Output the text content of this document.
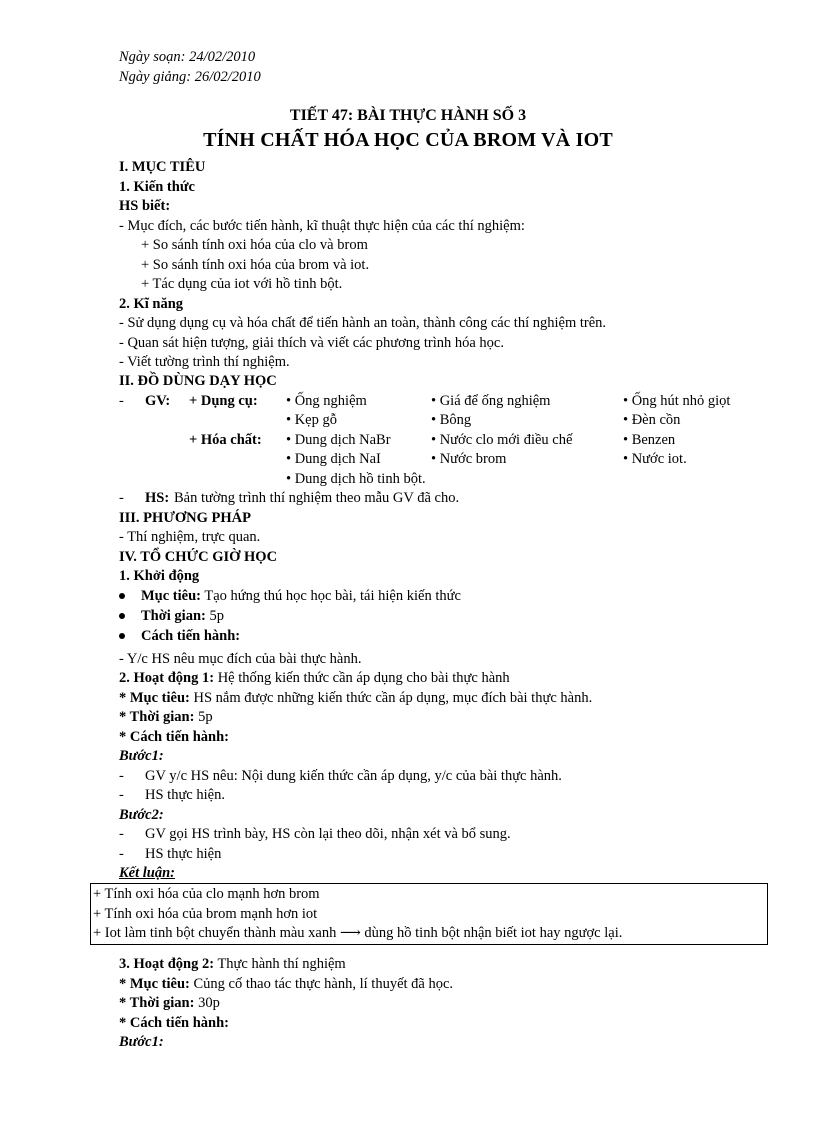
Ngày soạn: 24/02/2010
Ngày giảng: 26/02/2010
TIẾT 47: BÀI THỰC HÀNH SỐ 3
TÍNH CHẤT HÓA HỌC CỦA BROM VÀ IOT
I. MỤC TIÊU
1. Kiến thức
HS biết:
- Mục đích, các bước tiến hành, kĩ thuật thực hiện của các thí nghiệm:
+ So sánh tính oxi hóa của clo và brom
+ So sánh tính oxi hóa của brom và iot.
+ Tác dụng của iot với hồ tinh bột.
2. Kĩ năng
- Sử dụng dụng cụ và hóa chất để tiến hành an toàn, thành công các thí nghiệm trên.
- Quan sát hiện tượng, giải thích và viết các phương trình hóa học.
- Viết tường trình thí nghiệm.
II. ĐỒ DÙNG DẠY HỌC
- GV: + Dụng cụ: • Ống nghiệm	• Giá để ống nghiệm	• Ống hút nhỏ giọt
• Kẹp gỗ	• Bông	• Đèn cồn
+ Hóa chất: • Dung dịch NaBr	• Nước clo mới điều chế	• Benzen
• Dung dịch NaI	• Nước brom	• Nước iot.
• Dung dịch hồ tinh bột.
- HS: Bản tường trình thí nghiệm theo mẫu GV đã cho.
III. PHƯƠNG PHÁP
- Thí nghiệm, trực quan.
IV. TỔ CHỨC GIỜ HỌC
1. Khởi động
Mục tiêu: Tạo hứng thú học học bài, tái hiện kiến thức
Thời gian: 5p
Cách tiến hành:
- Y/c HS nêu mục đích của bài thực hành.
2. Hoạt động 1: Hệ thống kiến thức cần áp dụng cho bài thực hành
* Mục tiêu: HS nắm được những kiến thức cần áp dụng, mục đích bài thực hành.
* Thời gian: 5p
* Cách tiến hành:
Bước1:
- GV y/c HS nêu: Nội dung kiến thức cần áp dụng, y/c của bài thực hành.
- HS thực hiện.
Bước2:
- GV gọi HS trình bày, HS còn lại theo dõi, nhận xét và bổ sung.
- HS thực hiện
Kết luận:
+ Tính oxi hóa của clo mạnh hơn brom
+ Tính oxi hóa của brom mạnh hơn iot
+ Iot làm tinh bột chuyển thành màu xanh ⟶ dùng hồ tinh bột nhận biết iot hay ngược lại.
3. Hoạt động 2: Thực hành thí nghiệm
* Mục tiêu: Củng cố thao tác thực hành, lí thuyết đã học.
* Thời gian: 30p
* Cách tiến hành:
Bước1:
